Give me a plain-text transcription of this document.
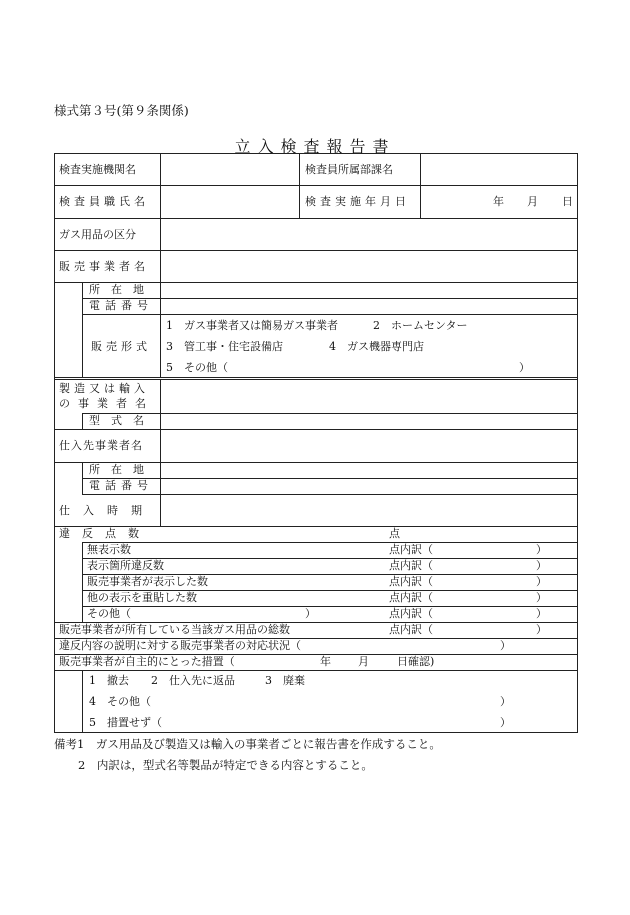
様式第３号(第９条関係)
立入検査報告書
検査実施機関名	検査員所属部課名
検査員職氏名	検査実施年月日	年 月 日
ガス用品の区分
販売事業者名
所在地
電話番号
販売形式
1　ガス事業者又は簡易ガス事業者	2　ホームセンター
3　管工事・住宅設備店	4　ガス機器専門店
5　その他（	）
製造又は輸入
の事業者名
型式名
仕入先事業者名
所在地
電話番号
仕入時期
違反点数	点
無表示数	点内訳（	）
表示箇所違反数	点内訳（	）
販売事業者が表示した数	点内訳（	）
他の表示を重貼した数	点内訳（	）
その他（	）	点内訳（	）
販売事業者が所有している当該ガス用品の総数	点内訳（	）
違反内容の説明に対する販売事業者の対応状況（	）
販売事業者が自主的にとった措置（	年 月	日確認)
1　撤去 2　仕入先に返品	3　廃棄
4　その他（	）
5　措置せず（	）
備考1　ガス用品及び製造又は輸入の事業者ごとに報告書を作成すること。
2　内訳は，型式名等製品が特定できる内容とすること。
